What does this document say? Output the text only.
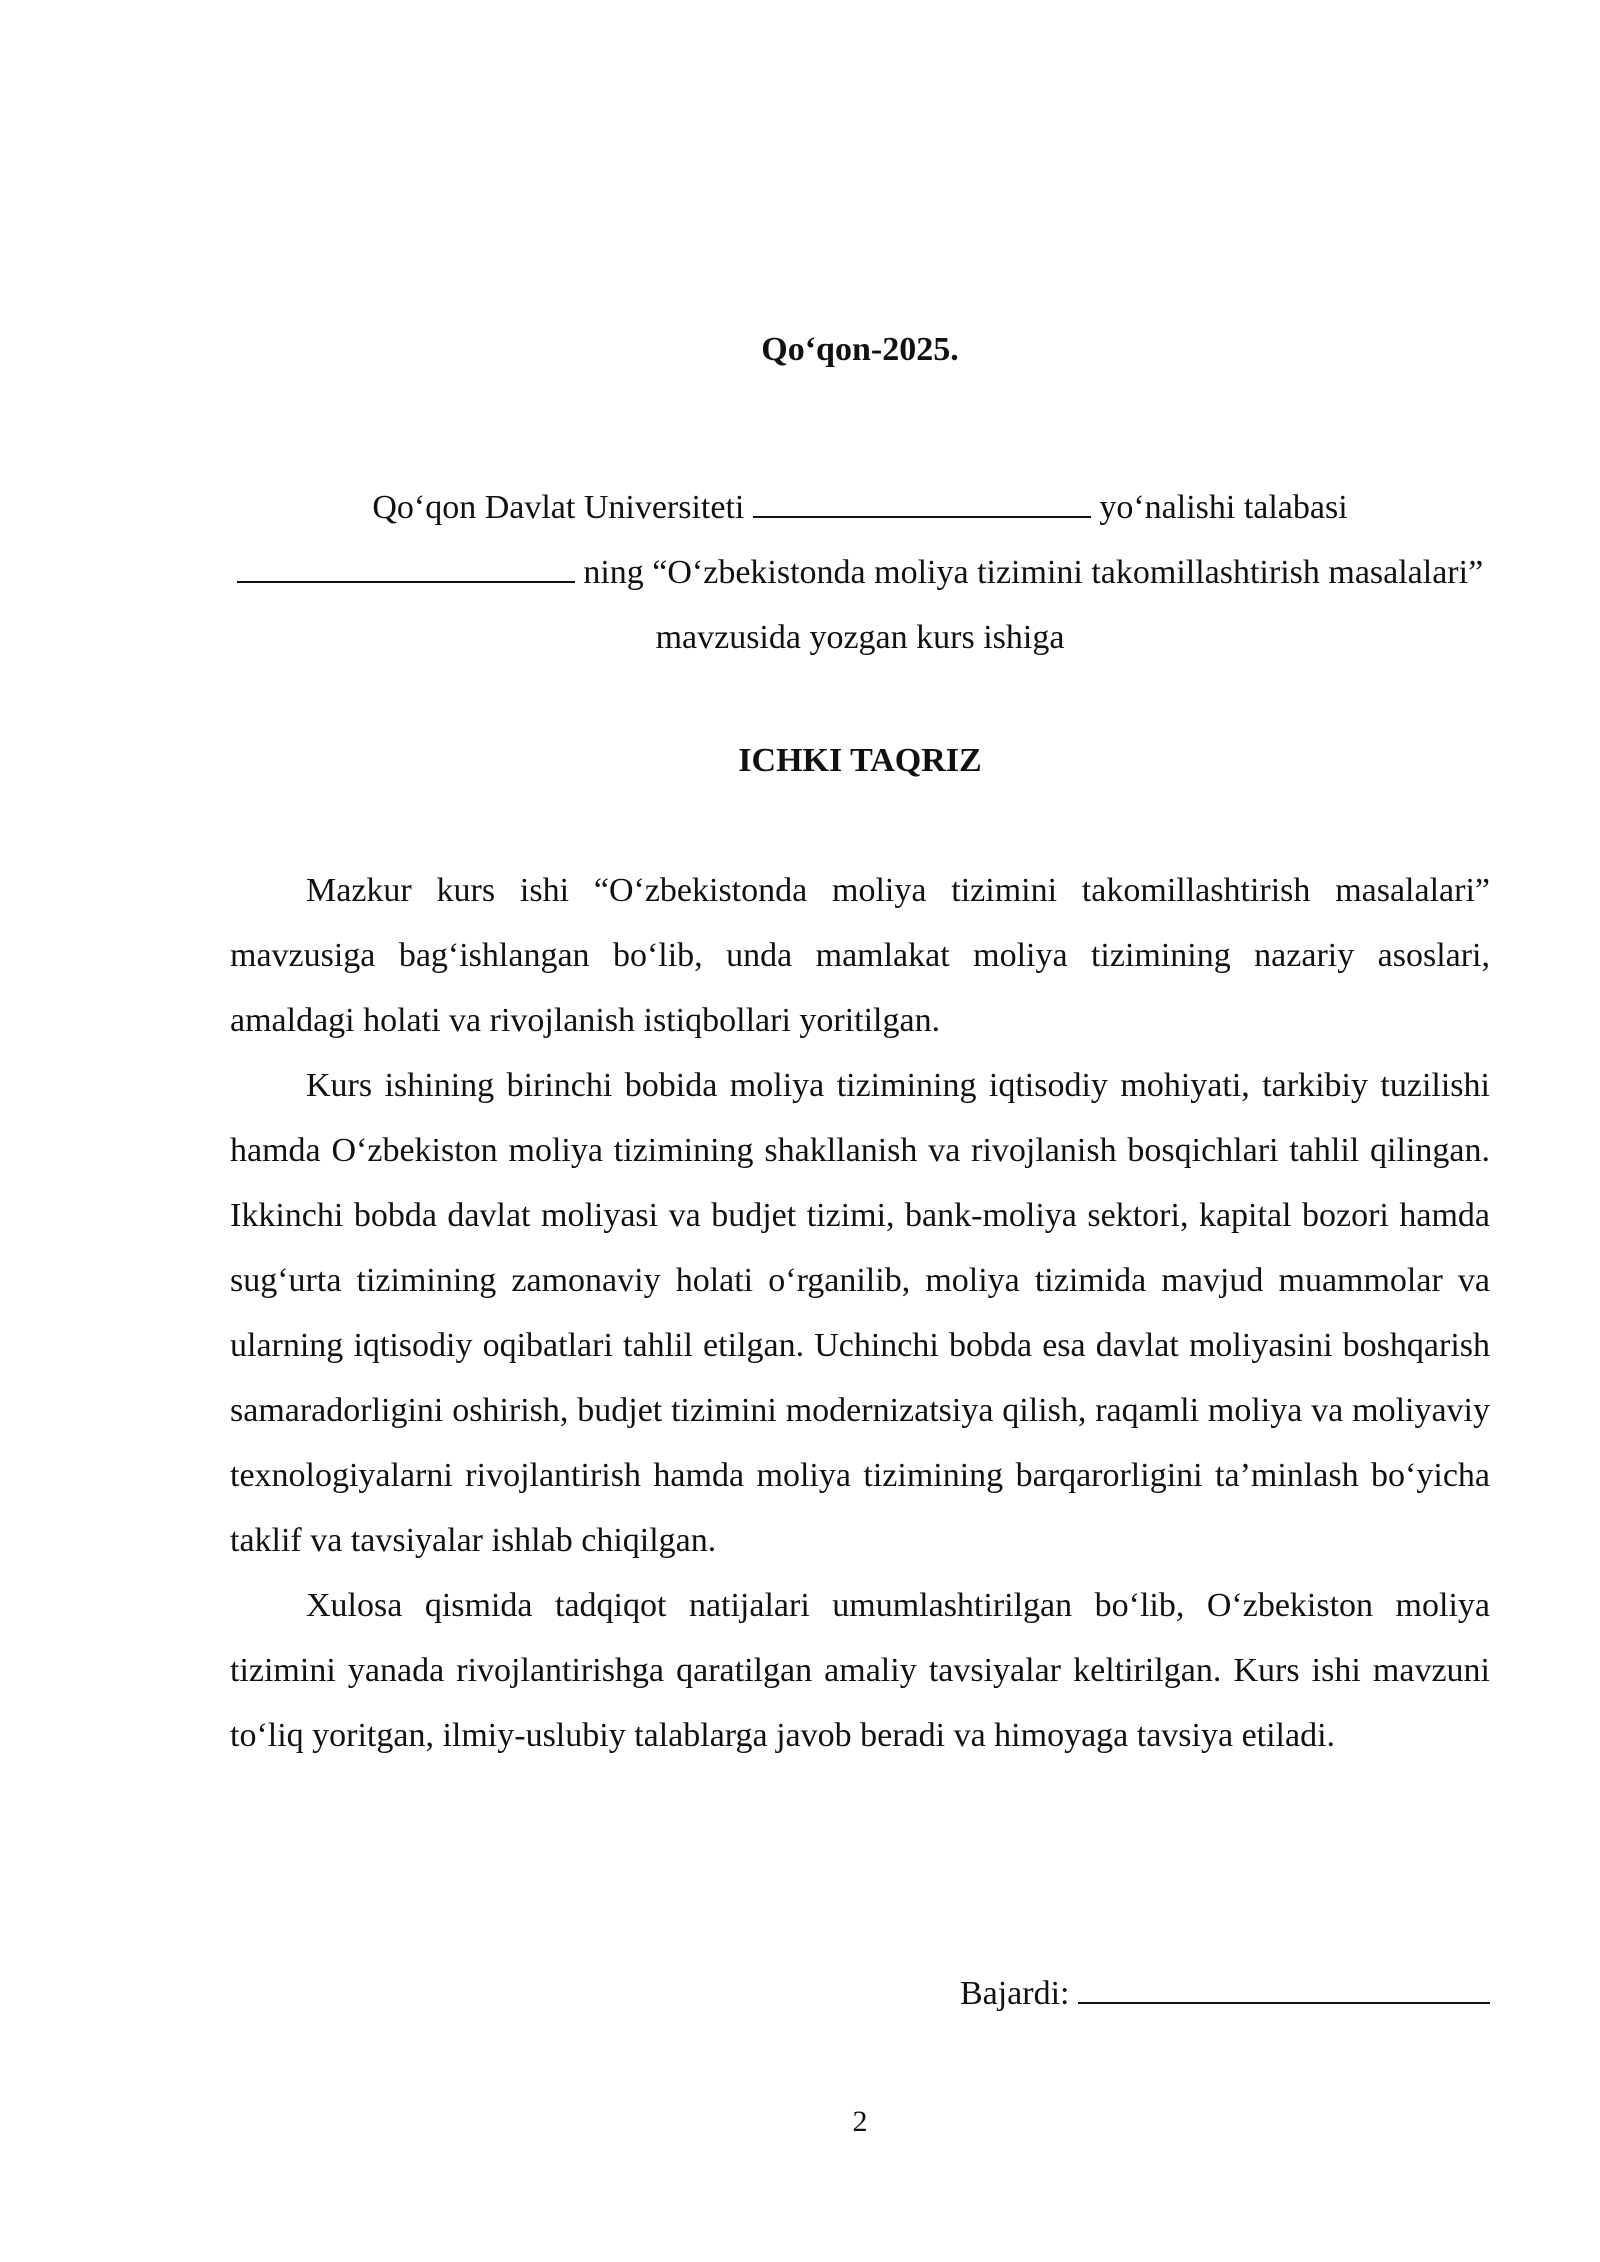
Qo‘qon-2025.
Qo‘qon Davlat Universiteti	yo‘nalishi talabasi  ning “O‘zbekistonda moliya tizimini takomillashtirish masalalari” mavzusida yozgan kurs ishiga
ICHKI TAQRIZ

Mazkur kurs ishi “O‘zbekistonda moliya tizimini takomillashtirish masalalari” mavzusiga bag‘ishlangan bo‘lib, unda mamlakat moliya tizimining nazariy asoslari, amaldagi holati va rivojlanish istiqbollari yoritilgan.

Kurs ishining birinchi bobida moliya tizimining iqtisodiy mohiyati, tarkibiy tuzilishi hamda O‘zbekiston moliya tizimining shakllanish va rivojlanish bosqichlari tahlil qilingan. Ikkinchi bobda davlat moliyasi va budjet tizimi, bank-moliya sektori, kapital bozori hamda sug‘urta tizimining zamonaviy holati o‘rganilib, moliya tizimida mavjud muammolar va ularning iqtisodiy oqibatlari tahlil etilgan. Uchinchi bobda esa davlat moliyasini boshqarish samaradorligini oshirish, budjet tizimini modernizatsiya qilish, raqamli moliya va moliyaviy texnologiyalarni rivojlantirish hamda moliya tizimining barqarorligini ta’minlash bo‘yicha taklif va tavsiyalar ishlab chiqilgan.

Xulosa qismida tadqiqot natijalari umumlashtirilgan bo‘lib, O‘zbekiston moliya tizimini yanada rivojlantirishga qaratilgan amaliy tavsiyalar keltirilgan. Kurs ishi mavzuni to‘liq yoritgan, ilmiy-uslubiy talablarga javob beradi va himoyaga tavsiya etiladi.

Bajardi:
2
